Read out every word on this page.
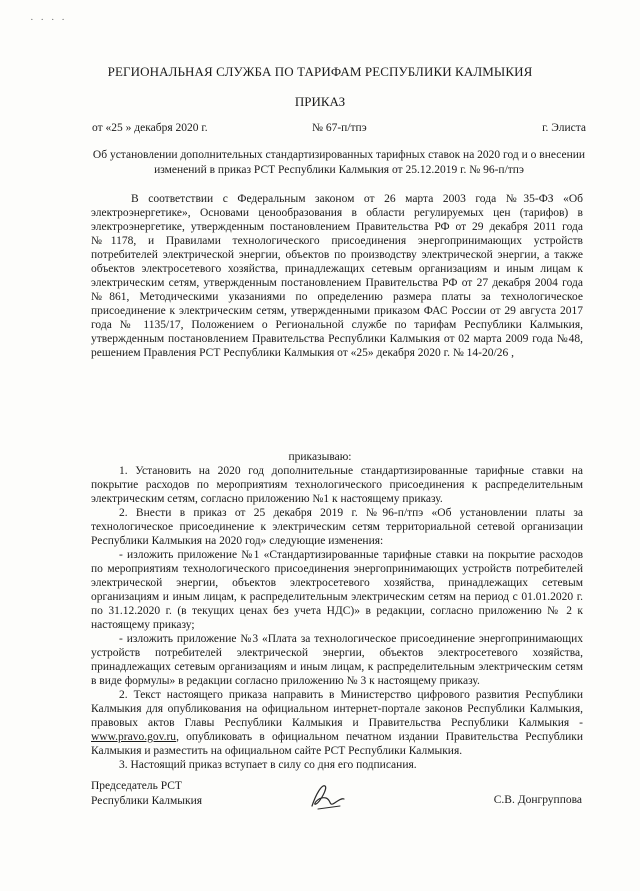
· · · ·
РЕГИОНАЛЬНАЯ СЛУЖБА ПО ТАРИФАМ РЕСПУБЛИКИ КАЛМЫКИЯ
ПРИКАЗ
от «25 » декабря 2020 г.	№ 67-п/тпэ	г. Элиста
Об установлении дополнительных стандартизированных тарифных ставок на 2020 год и о внесении изменений в приказ РСТ Республики Калмыкия от 25.12.2019 г. № 96-п/тпэ

В соответствии с Федеральным законом от 26 марта 2003 года №35-ФЗ «Об электроэнергетике», Основами ценообразования в области регулируемых цен (тарифов) в электроэнергетике, утвержденным постановлением Правительства РФ от 29 декабря 2011 года №1178, и Правилами технологического присоединения энергопринимающих устройств потребителей электрической энергии, объектов по производству электрической энергии, а также объектов электросетевого хозяйства, принадлежащих сетевым организациям и иным лицам к электрическим сетям, утвержденным постановлением Правительства РФ от 27 декабря 2004 года №861, Методическими указаниями по определению размера платы за технологическое присоединение к электрическим сетям, утвержденными приказом ФАС России от 29 августа 2017 года № 1135/17, Положением о Региональной службе по тарифам Республики Калмыкия, утвержденным постановлением Правительства Республики Калмыкия от 02 марта 2009 года №48, решением Правления РСТ Республики Калмыкия от «25» декабря 2020 г. № 14-20/26 ,

приказываю:

1. Установить на 2020 год дополнительные стандартизированные тарифные ставки на покрытие расходов по мероприятиям технологического присоединения к распределительным электрическим сетям, согласно приложению №1 к настоящему приказу.

2. Внести в приказ от 25 декабря 2019 г. №96-п/тпэ «Об установлении платы за технологическое присоединение к электрическим сетям территориальной сетевой организации Республики Калмыкия на 2020 год» следующие изменения:

- изложить приложение №1 «Стандартизированные тарифные ставки на покрытие расходов по мероприятиям технологического присоединения энергопринимающих устройств потребителей электрической энергии, объектов электросетевого хозяйства, принадлежащих сетевым организациям и иным лицам, к распределительным электрическим сетям на период с 01.01.2020 г. по 31.12.2020 г. (в текущих ценах без учета НДС)» в редакции, согласно приложению № 2 к настоящему приказу;

- изложить приложение №3 «Плата за технологическое присоединение энергопринимающих устройств потребителей электрической энергии, объектов электросетевого хозяйства, принадлежащих сетевым организациям и иным лицам, к распределительным электрическим сетям в виде формулы» в редакции согласно приложению № 3 к настоящему приказу.

2. Текст настоящего приказа направить в Министерство цифрового развития Республики Калмыкия для опубликования на официальном интернет-портале законов Республики Калмыкия, правовых актов Главы Республики Калмыкия и Правительства Республики Калмыкия - www.pravo.gov.ru, опубликовать в официальном печатном издании Правительства Республики Калмыкия и разместить на официальном сайте РСТ Республики Калмыкия.

3. Настоящий приказ вступает в силу со дня его подписания.

Председатель РСТ
Республики Калмыкия	С.В. Донгруппова
